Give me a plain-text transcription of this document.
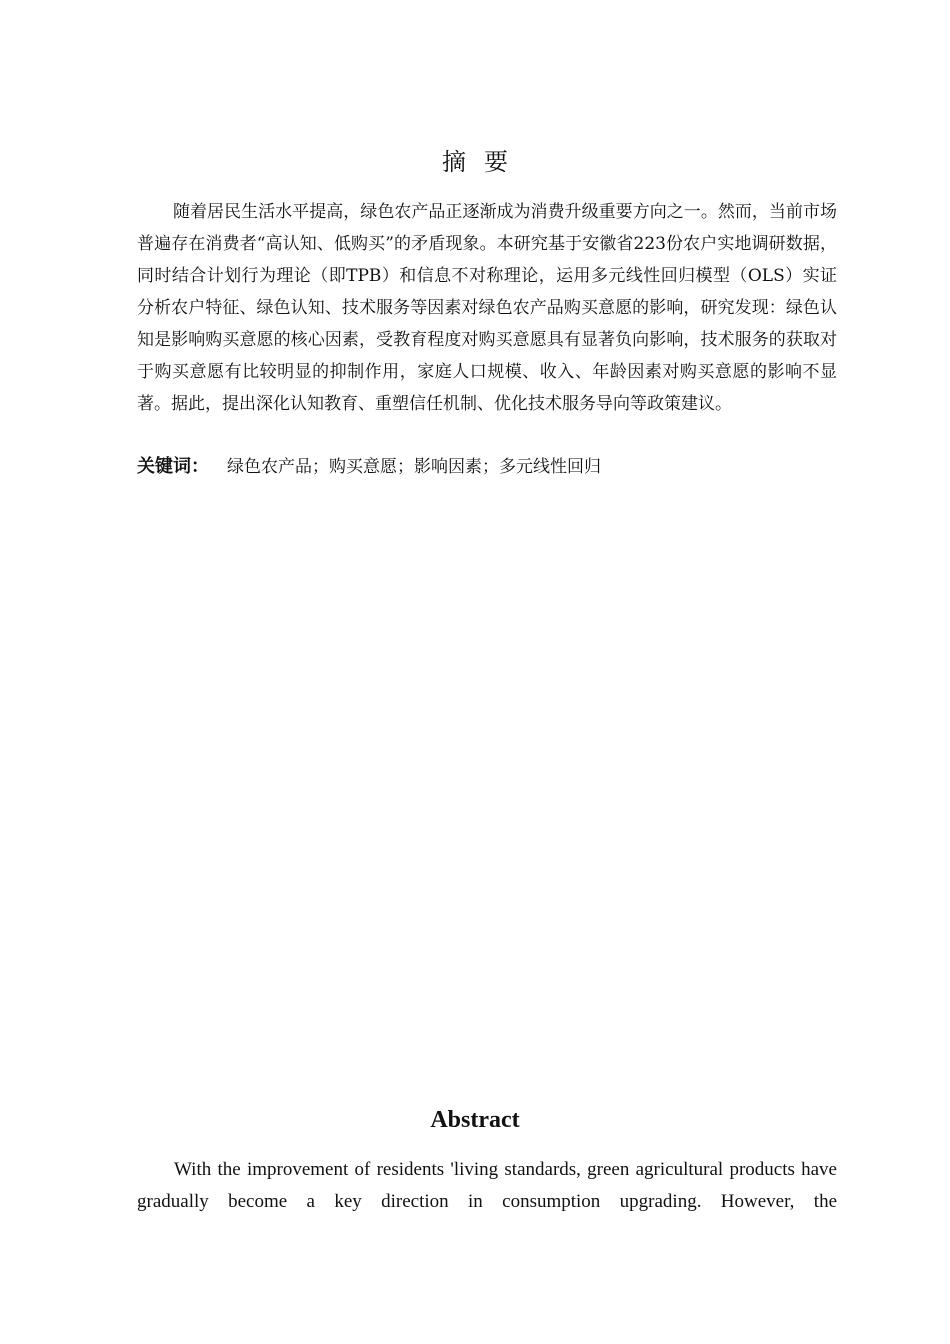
摘要

随着居民生活水平提高，绿色农产品正逐渐成为消费升级重要方向之一。然而，当前市场普遍存在消费者“高认知、低购买”的矛盾现象。本研究基于安徽省223份农户实地调研数据，同时结合计划行为理论（即TPB）和信息不对称理论，运用多元线性回归模型（OLS）实证分析农户特征、绿色认知、技术服务等因素对绿色农产品购买意愿的影响，研究发现：绿色认知是影响购买意愿的核心因素，受教育程度对购买意愿具有显著负向影响，技术服务的获取对于购买意愿有比较明显的抑制作用，家庭人口规模、收入、年龄因素对购买意愿的影响不显著。据此，提出深化认知教育、重塑信任机制、优化技术服务导向等政策建议。

关键词： 绿色农产品；购买意愿；影响因素；多元线性回归
Abstract

With the improvement of residents 'living standards, green agricultural products have gradually become a key direction in consumption upgrading. However, the
